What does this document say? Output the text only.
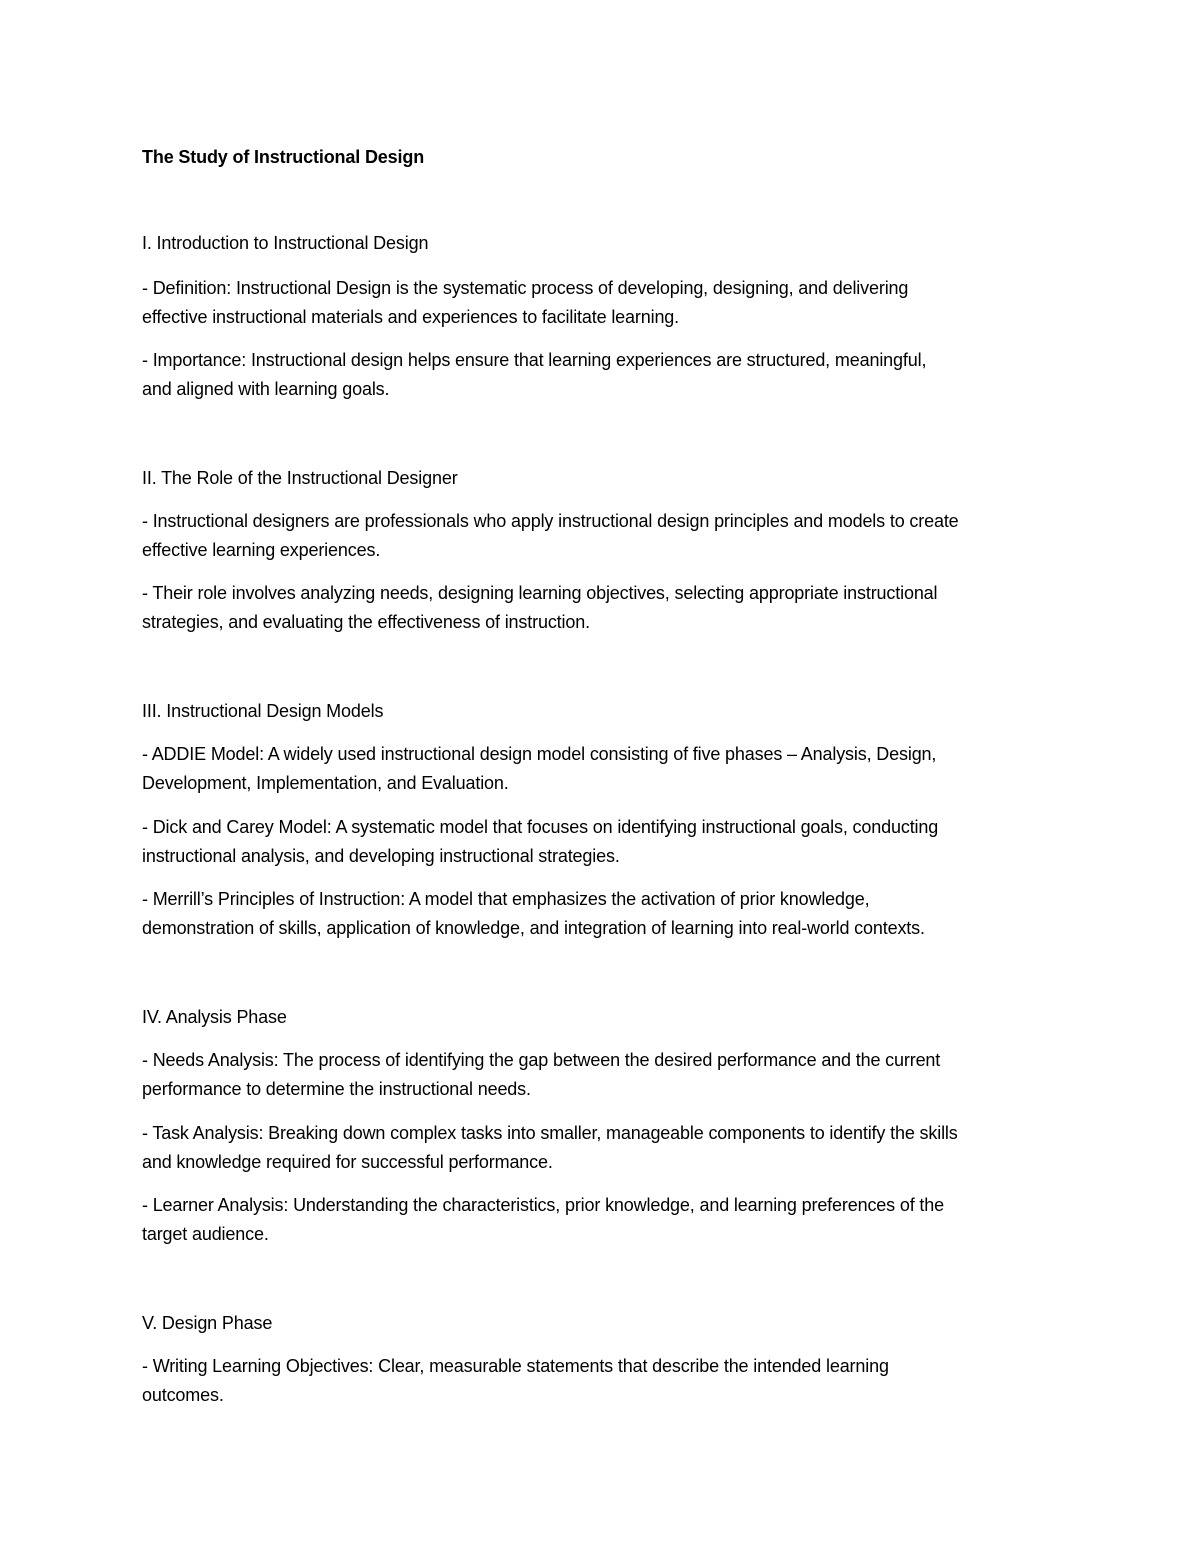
The Study of Instructional Design
I. Introduction to Instructional Design

- Definition: Instructional Design is the systematic process of developing, designing, and delivering
effective instructional materials and experiences to facilitate learning.

- Importance: Instructional design helps ensure that learning experiences are structured, meaningful,
and aligned with learning goals.

II. The Role of the Instructional Designer

- Instructional designers are professionals who apply instructional design principles and models to create
effective learning experiences.

- Their role involves analyzing needs, designing learning objectives, selecting appropriate instructional
strategies, and evaluating the effectiveness of instruction.

III. Instructional Design Models

- ADDIE Model: A widely used instructional design model consisting of five phases – Analysis, Design,
Development, Implementation, and Evaluation.

- Dick and Carey Model: A systematic model that focuses on identifying instructional goals, conducting
instructional analysis, and developing instructional strategies.

- Merrill’s Principles of Instruction: A model that emphasizes the activation of prior knowledge,
demonstration of skills, application of knowledge, and integration of learning into real-world contexts.

IV. Analysis Phase

- Needs Analysis: The process of identifying the gap between the desired performance and the current
performance to determine the instructional needs.

- Task Analysis: Breaking down complex tasks into smaller, manageable components to identify the skills
and knowledge required for successful performance.

- Learner Analysis: Understanding the characteristics, prior knowledge, and learning preferences of the
target audience.

V. Design Phase

- Writing Learning Objectives: Clear, measurable statements that describe the intended learning
outcomes.
